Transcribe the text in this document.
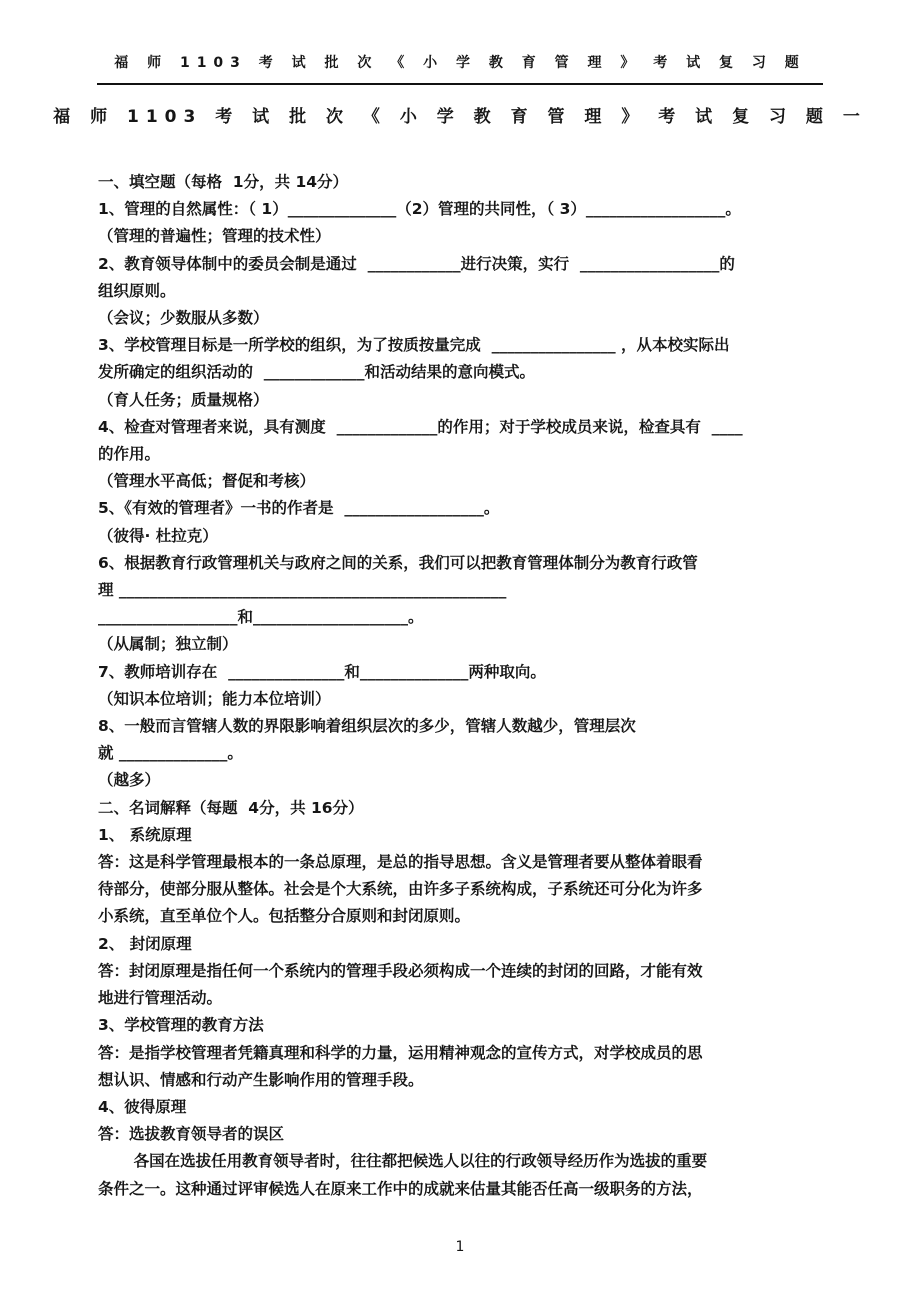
福 师 1103 考 试 批 次 《 小 学 教 育 管 理 》 考 试 复 习 题
福 师 1103 考 试 批 次 《 小 学 教 育 管 理 》 考 试 复 习 题 一
一、填空题（每格  1分，共 14分）
1、管理的自然属性：（ 1）______________（2）管理的共同性，（ 3）__________________。
（管理的普遍性；管理的技术性）
2、教育领导体制中的委员会制是通过  ____________进行决策，实行  __________________的
组织原则。
（会议；少数服从多数）
3、学校管理目标是一所学校的组织，为了按质按量完成  ________________ ，从本校实际出
发所确定的组织活动的  _____________和活动结果的意向模式。
（育人任务；质量规格）
4、检查对管理者来说，具有测度  _____________的作用；对于学校成员来说，检查具有  ____
的作用。
（管理水平高低；督促和考核）
5、《有效的管理者》一书的作者是  __________________。
（彼得· 杜拉克）
6、根据教育行政管理机关与政府之间的关系，我们可以把教育管理体制分为教育行政管
理 __________________________________________________
__________________和____________________。
（从属制；独立制）
7、教师培训存在  _______________和______________两种取向。
（知识本位培训；能力本位培训）
8、一般而言管辖人数的界限影响着组织层次的多少，管辖人数越少，管理层次
就 ______________。
（越多）
二、名词解释（每题  4分，共 16分）
1、 系统原理
答：这是科学管理最根本的一条总原理，是总的指导思想。含义是管理者要从整体着眼看
待部分，使部分服从整体。社会是个大系统，由许多子系统构成，子系统还可分化为许多
小系统，直至单位个人。包括整分合原则和封闭原则。
2、 封闭原理
答：封闭原理是指任何一个系统内的管理手段必须构成一个连续的封闭的回路，才能有效
地进行管理活动。
3、学校管理的教育方法
答：是指学校管理者凭籍真理和科学的力量，运用精神观念的宣传方式，对学校成员的思
想认识、情感和行动产生影响作用的管理手段。
4、彼得原理
答：选拔教育领导者的误区
各国在选拔任用教育领导者时，往往都把候选人以往的行政领导经历作为选拔的重要
条件之一。这种通过评审候选人在原来工作中的成就来估量其能否任高一级职务的方法，
1
